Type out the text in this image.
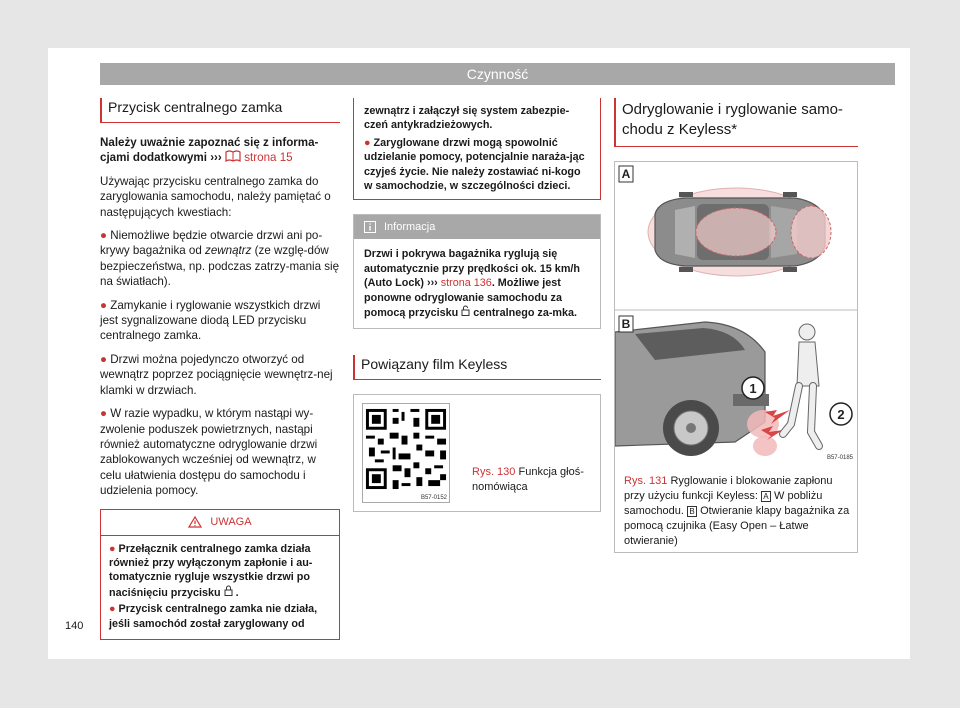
Czynność
Przycisk centralnego zamka

Należy uważnie zapoznać się z informa-cjami dodatkowymi ››› strona 15

Używając przycisku centralnego zamka do zaryglowania samochodu, należy pamiętać o następujących kwestiach:

● Niemożliwe będzie otwarcie drzwi ani po-krywy bagażnika od zewnątrz (ze wzglę-dów bezpieczeństwa, np. podczas zatrzy-mania się na światłach).

● Zamykanie i ryglowanie wszystkich drzwi jest sygnalizowane diodą LED przycisku centralnego zamka.

● Drzwi można pojedynczo otworzyć od wewnątrz poprzez pociągnięcie wewnętrz-nej klamki w drzwiach.

● W razie wypadku, w którym nastąpi wy-zwolenie poduszek powietrznych, nastąpi również automatyczne odryglowanie drzwi zablokowanych wcześniej od wewnątrz, w celu ułatwienia dostępu do samochodu i udzielenia pomocy.

UWAGA
● Przełącznik centralnego zamka działa również przy wyłączonym zapłonie i au-tomatycznie rygluje wszystkie drzwi po naciśnięciu przycisku .
● Przycisk centralnego zamka nie działa, jeśli samochód został zaryglowany od
zewnątrz i załączył się system zabezpie-czeń antykradzieżowych.
● Zaryglowane drzwi mogą spowolnić udzielanie pomocy, potencjalnie naraża-jąc czyjeś życie. Nie należy zostawiać ni-kogo w samochodzie, w szczególności dzieci.
Informacja
Drzwi i pokrywa bagażnika ryglują się automatycznie przy prędkości ok. 15 km/h (Auto Lock) ››› strona 136. Możliwe jest ponowne odryglowanie samochodu za pomocą przycisku centralnego za-mka.
Powiązany film Keyless
B57-0152
Rys. 130 Funkcja głoś-nomówiąca
Odryglowanie i ryglowanie samo-chodu z Keyless*
A
1
2
B
B57-0185
Rys. 131 Ryglowanie i blokowanie zapłonu przy użyciu funkcji Keyless: A W pobliżu samochodu. B Otwieranie klapy bagażnika za pomocą czujnika (Easy Open – Łatwe otwieranie)
140
